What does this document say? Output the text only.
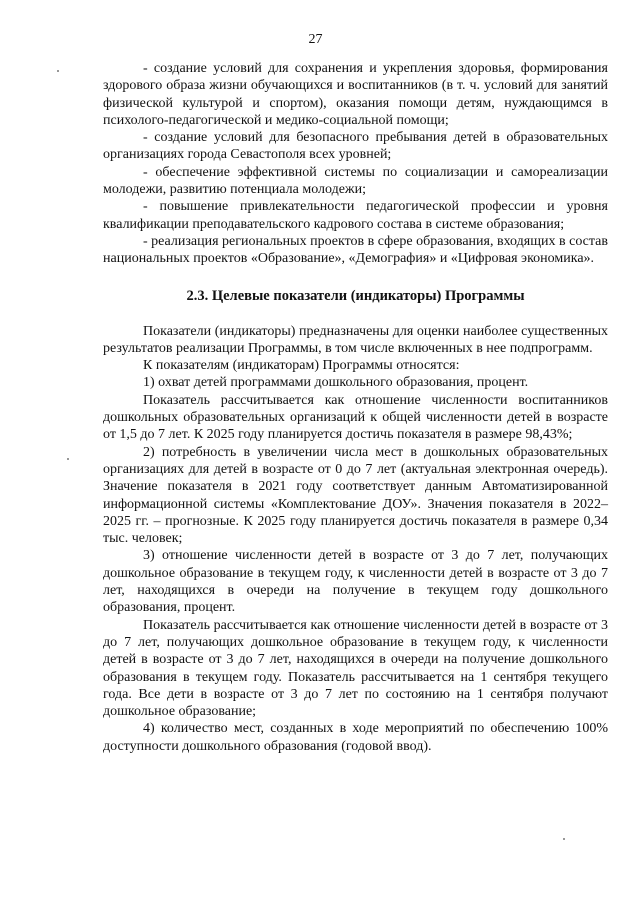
27

- создание условий для сохранения и укрепления здоровья, формирования здорового образа жизни обучающихся и воспитанников (в т. ч. условий для занятий физической культурой и спортом), оказания помощи детям, нуждающимся в психолого-педагогической и медико-социальной помощи;

- создание условий для безопасного пребывания детей в образовательных организациях города Севастополя всех уровней;

- обеспечение эффективной системы по социализации и самореализации молодежи, развитию потенциала молодежи;

- повышение привлекательности педагогической профессии и уровня квалификации преподавательского кадрового состава в системе образования;

- реализация региональных проектов в сфере образования, входящих в состав национальных проектов «Образование», «Демография» и «Цифровая экономика».

2.3. Целевые показатели (индикаторы) Программы

Показатели (индикаторы) предназначены для оценки наиболее существенных результатов реализации Программы, в том числе включенных в нее подпрограмм.

К показателям (индикаторам) Программы относятся:

1) охват детей программами дошкольного образования, процент.

Показатель рассчитывается как отношение численности воспитанников дошкольных образовательных организаций к общей численности детей в возрасте от 1,5 до 7 лет. К 2025 году планируется достичь показателя в размере 98,43%;

2) потребность в увеличении числа мест в дошкольных образовательных организациях для детей в возрасте от 0 до 7 лет (актуальная электронная очередь). Значение показателя в 2021 году соответствует данным Автоматизированной информационной системы «Комплектование ДОУ». Значения показателя в 2022–2025 гг. – прогнозные. К 2025 году планируется достичь показателя в размере 0,34 тыс. человек;

3) отношение численности детей в возрасте от 3 до 7 лет, получающих дошкольное образование в текущем году, к численности детей в возрасте от 3 до 7 лет, находящихся в очереди на получение в текущем году дошкольного образования, процент.

Показатель рассчитывается как отношение численности детей в возрасте от 3 до 7 лет, получающих дошкольное образование в текущем году, к численности детей в возрасте от 3 до 7 лет, находящихся в очереди на получение дошкольного образования в текущем году. Показатель рассчитывается на 1 сентября текущего года. Все дети в возрасте от 3 до 7 лет по состоянию на 1 сентября получают дошкольное образование;

4) количество мест, созданных в ходе мероприятий по обеспечению 100% доступности дошкольного образования (годовой ввод).
